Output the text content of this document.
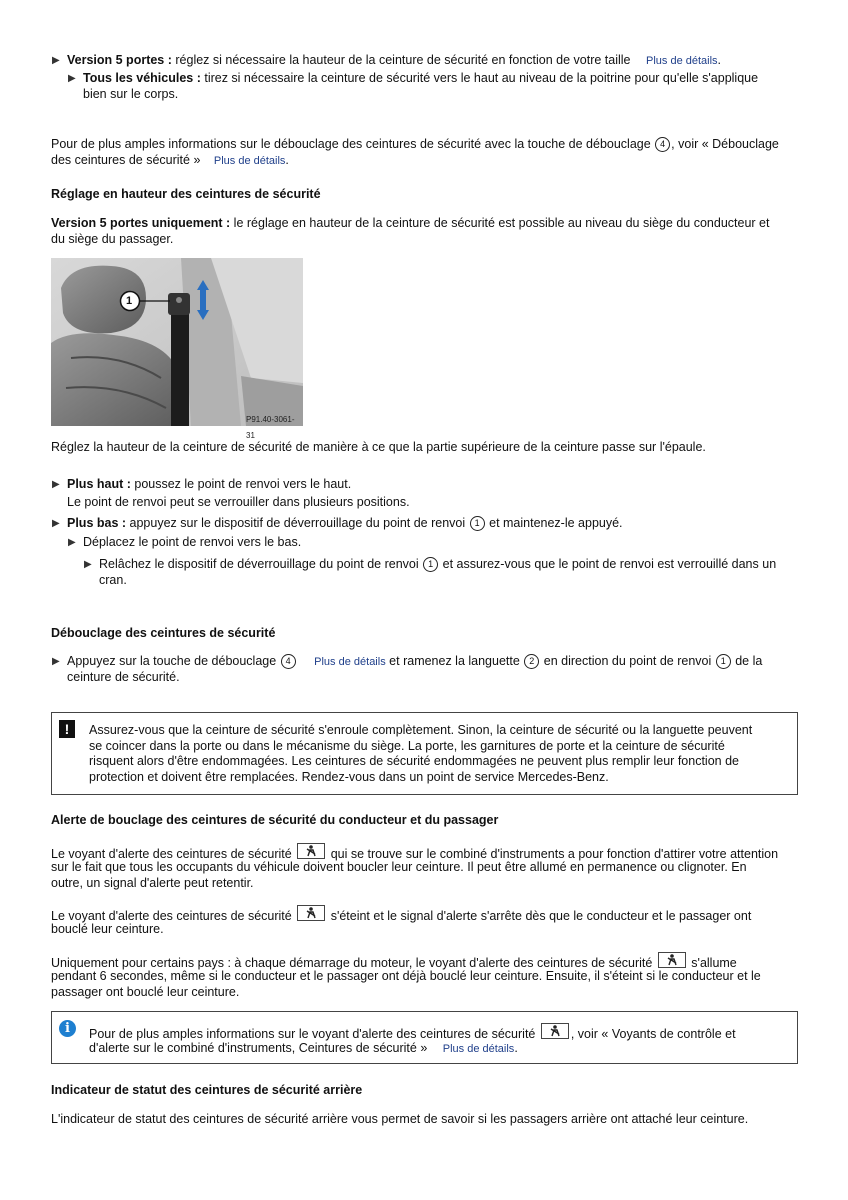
▶ Version 5 portes : réglez si nécessaire la hauteur de la ceinture de sécurité en fonction de votre taille Plus de détails.
▶ Tous les véhicules : tirez si nécessaire la ceinture de sécurité vers le haut au niveau de la poitrine pour qu'elle s'applique
bien sur le corps.
Pour de plus amples informations sur le débouclage des ceintures de sécurité avec la touche de débouclage 4 , voir « Débouclage
des ceintures de sécurité » Plus de détails.
Réglage en hauteur des ceintures de sécurité
Version 5 portes uniquement : le réglage en hauteur de la ceinture de sécurité est possible au niveau du siège du conducteur et
du siège du passager.
1
P91.40-3061-31
Réglez la hauteur de la ceinture de sécurité de manière à ce que la partie supérieure de la ceinture passe sur l'épaule.
▶ Plus haut : poussez le point de renvoi vers le haut.
Le point de renvoi peut se verrouiller dans plusieurs positions.
▶ Plus bas : appuyez sur le dispositif de déverrouillage du point de renvoi 1 et maintenez-le appuyé.
▶ Déplacez le point de renvoi vers le bas.
▶ Relâchez le dispositif de déverrouillage du point de renvoi 1 et assurez-vous que le point de renvoi est verrouillé dans un
cran.
Débouclage des ceintures de sécurité
▶ Appuyez sur la touche de débouclage 4 Plus de détails et ramenez la languette 2 en direction du point de renvoi 1 de la
ceinture de sécurité.
!	Assurez-vous que la ceinture de sécurité s'enroule complètement. Sinon, la ceinture de sécurité ou la languette peuvent
se coincer dans la porte ou dans le mécanisme du siège. La porte, les garnitures de porte et la ceinture de sécurité
risquent alors d'être endommagées. Les ceintures de sécurité endommagées ne peuvent plus remplir leur fonction de
protection et doivent être remplacées. Rendez-vous dans un point de service Mercedes-Benz.
Alerte de bouclage des ceintures de sécurité du conducteur et du passager
Le voyant d'alerte des ceintures de sécurité	qui se trouve sur le combiné d'instruments a pour fonction d'attirer votre attention
sur le fait que tous les occupants du véhicule doivent boucler leur ceinture. Il peut être allumé en permanence ou clignoter. En
outre, un signal d'alerte peut retentir.
Le voyant d'alerte des ceintures de sécurité	s'éteint et le signal d'alerte s'arrête dès que le conducteur et le passager ont
bouclé leur ceinture.
Uniquement pour certains pays : à chaque démarrage du moteur, le voyant d'alerte des ceintures de sécurité	s'allume
pendant 6 secondes, même si le conducteur et le passager ont déjà bouclé leur ceinture. Ensuite, il s'éteint si le conducteur et le
passager ont bouclé leur ceinture.
i	Pour de plus amples informations sur le voyant d'alerte des ceintures de sécurité	, voir « Voyants de contrôle et
d'alerte sur le combiné d'instruments, Ceintures de sécurité » Plus de détails.
Indicateur de statut des ceintures de sécurité arrière
L'indicateur de statut des ceintures de sécurité arrière vous permet de savoir si les passagers arrière ont attaché leur ceinture.
